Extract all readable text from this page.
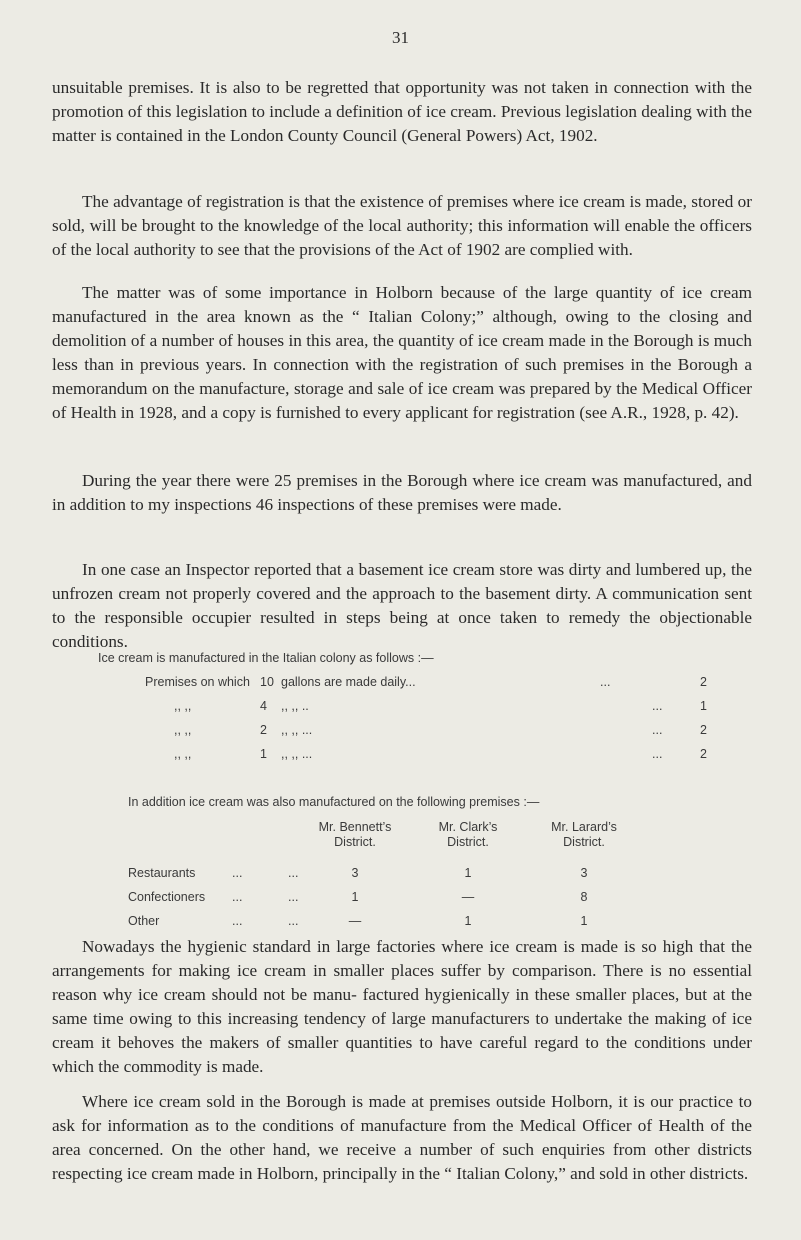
31

unsuitable premises. It is also to be regretted that opportunity was not taken in connection with the promotion of this legislation to include a definition of ice cream. Previous legislation dealing with the matter is contained in the London County Council (General Powers) Act, 1902.

The advantage of registration is that the existence of premises where ice cream is made, stored or sold, will be brought to the knowledge of the local authority; this information will enable the officers of the local authority to see that the provisions of the Act of 1902 are complied with.

The matter was of some importance in Holborn because of the large quantity of ice cream manufactured in the area known as the “ Italian Colony;” although, owing to the closing and demolition of a number of houses in this area, the quantity of ice cream made in the Borough is much less than in previous years. In connection with the registration of such premises in the Borough a memorandum on the manufacture, storage and sale of ice cream was prepared by the Medical Officer of Health in 1928, and a copy is furnished to every applicant for registration (see A.R., 1928, p. 42).

During the year there were 25 premises in the Borough where ice cream was manufactured, and in addition to my inspections 46 inspections of these premises were made.

In one case an Inspector reported that a basement ice cream store was dirty and lumbered up, the unfrozen cream not properly covered and the approach to the basement dirty. A communication sent to the responsible occupier resulted in steps being at once taken to remedy the objectionable conditions.

Ice cream is manufactured in the Italian colony as follows :—
Premises on which 10 gallons are made daily...	...	2
,, ,,	4 ,, ,, ..	...	1
,, ,,	2 ,, ,, ...	...	2
,, ,,	1 ,, ,, ...	...	2
In addition ice cream was also manufactured on the following premises :—
Mr. Bennett’s
District.
Mr. Clark’s
District.
Mr. Larard’s
District.
Restaurants	...	...	3	1	3
Confectioners ...	...	1	—	8
Other	...	...	—	1	1

Nowadays the hygienic standard in large factories where ice cream is made is so high that the arrangements for making ice cream in smaller places suffer by comparison. There is no essential reason why ice cream should not be manu- factured hygienically in these smaller places, but at the same time owing to this increasing tendency of large manufacturers to undertake the making of ice cream it behoves the makers of smaller quantities to have careful regard to the conditions under which the commodity is made.

Where ice cream sold in the Borough is made at premises outside Holborn, it is our practice to ask for information as to the conditions of manufacture from the Medical Officer of Health of the area concerned. On the other hand, we receive a number of such enquiries from other districts respecting ice cream made in Holborn, principally in the “ Italian Colony,” and sold in other districts.
